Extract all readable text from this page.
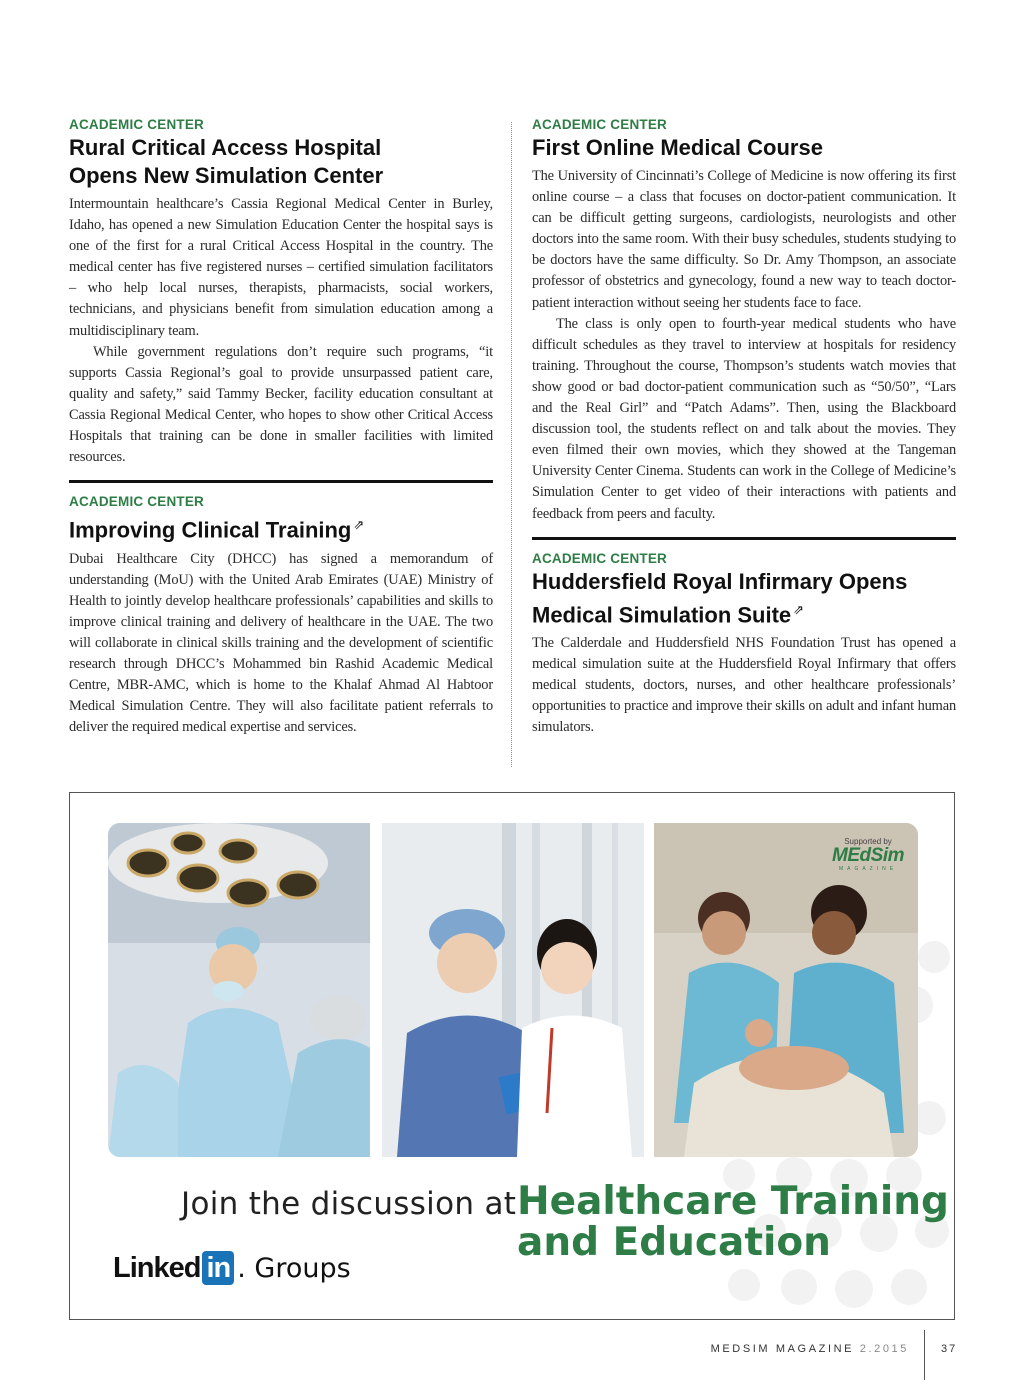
ACADEMIC CENTER

Rural Critical Access Hospital
Opens New Simulation Center

Intermountain healthcare’s Cassia Regional Medical Center in Burley, Idaho, has opened a new Simulation Education Center the hospital says is one of the first for a rural Critical Access Hospital in the country. The medical center has five registered nurses – certified simulation facilitators – who help local nurses, therapists, pharmacists, social workers, technicians, and physicians benefit from simulation education among a multidisciplinary team.

While government regulations don’t require such programs, “it supports Cassia Regional’s goal to provide unsurpassed patient care, quality and safety,” said Tammy Becker, facility education consultant at Cassia Regional Medical Center, who hopes to show other Critical Access Hospitals that training can be done in smaller facilities with limited resources.

ACADEMIC CENTER

Improving Clinical Training ⇗

Dubai Healthcare City (DHCC) has signed a memorandum of understanding (MoU) with the United Arab Emirates (UAE) Ministry of Health to jointly develop healthcare professionals’ capabilities and skills to improve clinical training and delivery of healthcare in the UAE. The two will collaborate in clinical skills training and the development of scientific research through DHCC’s Mohammed bin Rashid Academic Medical Centre, MBR-AMC, which is home to the Khalaf Ahmad Al Habtoor Medical Simulation Centre. They will also facilitate patient referrals to deliver the required medical expertise and services.

ACADEMIC CENTER

First Online Medical Course

The University of Cincinnati’s College of Medicine is now offering its first online course – a class that focuses on doctor-patient communication. It can be difficult getting surgeons, cardiologists, neurologists and other doctors into the same room. With their busy schedules, students studying to be doctors have the same difficulty. So Dr. Amy Thompson, an associate professor of obstetrics and gynecology, found a new way to teach doctor-patient interaction without seeing her students face to face.

The class is only open to fourth-year medical students who have difficult schedules as they travel to interview at hospitals for residency training. Throughout the course, Thompson’s students watch movies that show good or bad doctor-patient communication such as “50/50”, “Lars and the Real Girl” and “Patch Adams”. Then, using the Blackboard discussion tool, the students reflect on and talk about the movies. They even filmed their own movies, which they showed at the Tangeman University Center Cinema. Students can work in the College of Medicine’s Simulation Center to get video of their interactions with patients and feedback from peers and faculty.

ACADEMIC CENTER

Huddersfield Royal Infirmary Opens
Medical Simulation Suite ⇗

The Calderdale and Huddersfield NHS Foundation Trust has opened a medical simulation suite at the Huddersfield Royal Infirmary that offers medical students, doctors, nurses, and other healthcare professionals’ opportunities to practice and improve their skills on adult and infant human simulators.

Supported by
MEdSim
MAGAZINE
Join the discussion at Healthcare Training
and Education
Linked in . Groups
MEDSIM MAGAZINE 2.2015	37
